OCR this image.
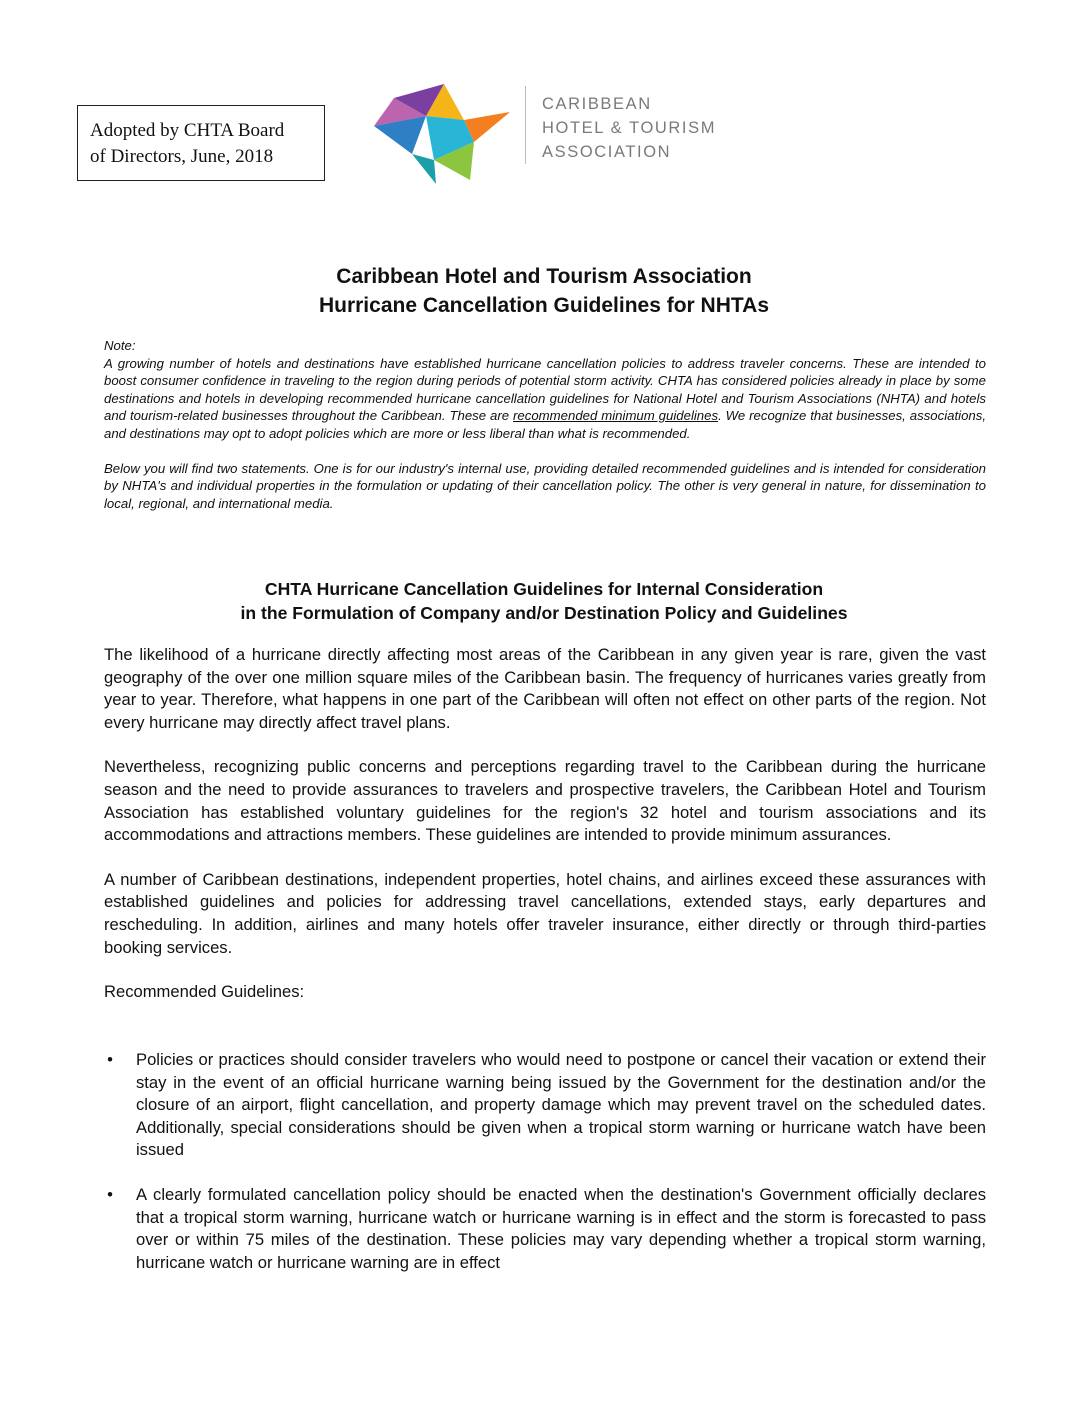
Adopted by CHTA Board
of Directors, June, 2018
CARIBBEAN
HOTEL & TOURISM
ASSOCIATION
Caribbean Hotel and Tourism Association
Hurricane Cancellation Guidelines for NHTAs

Note:

A growing number of hotels and destinations have established hurricane cancellation policies to address traveler concerns. These are intended to boost consumer confidence in traveling to the region during periods of potential storm activity. CHTA has considered policies already in place by some destinations and hotels in developing recommended hurricane cancellation guidelines for National Hotel and Tourism Associations (NHTA) and hotels and tourism-related businesses throughout the Caribbean. These are recommended minimum guidelines. We recognize that businesses, associations, and destinations may opt to adopt policies which are more or less liberal than what is recommended.

Below you will find two statements. One is for our industry's internal use, providing detailed recommended guidelines and is intended for consideration by NHTA's and individual properties in the formulation or updating of their cancellation policy. The other is very general in nature, for dissemination to local, regional, and international media.

CHTA Hurricane Cancellation Guidelines for Internal Consideration
in the Formulation of Company and/or Destination Policy and Guidelines

The likelihood of a hurricane directly affecting most areas of the Caribbean in any given year is rare, given the vast geography of the over one million square miles of the Caribbean basin. The frequency of hurricanes varies greatly from year to year. Therefore, what happens in one part of the Caribbean will often not effect on other parts of the region. Not every hurricane may directly affect travel plans.

Nevertheless, recognizing public concerns and perceptions regarding travel to the Caribbean during the hurricane season and the need to provide assurances to travelers and prospective travelers, the Caribbean Hotel and Tourism Association has established voluntary guidelines for the region's 32 hotel and tourism associations and its accommodations and attractions members. These guidelines are intended to provide minimum assurances.

A number of Caribbean destinations, independent properties, hotel chains, and airlines exceed these assurances with established guidelines and policies for addressing travel cancellations, extended stays, early departures and rescheduling. In addition, airlines and many hotels offer traveler insurance, either directly or through third-parties booking services.

Recommended Guidelines:

• Policies or practices should consider travelers who would need to postpone or cancel their vacation or extend their stay in the event of an official hurricane warning being issued by the Government for the destination and/or the closure of an airport, flight cancellation, and property damage which may prevent travel on the scheduled dates. Additionally, special considerations should be given when a tropical storm warning or hurricane watch have been issued
• A clearly formulated cancellation policy should be enacted when the destination's Government officially declares that a tropical storm warning, hurricane watch or hurricane warning is in effect and the storm is forecasted to pass over or within 75 miles of the destination. These policies may vary depending whether a tropical storm warning, hurricane watch or hurricane warning are in effect
